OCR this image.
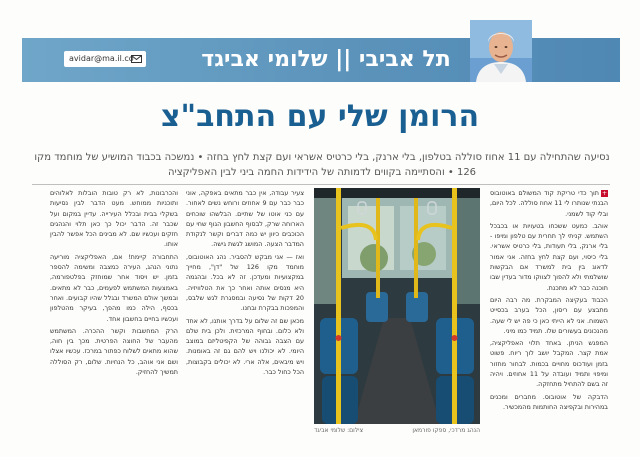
תל אביבי || שלומי אביגד
avidar@ma.il.co
הרומן שלי עם התחב"צ
נסיעה שהתחילה עם 11 אחוז סוללה בטלפון, בלי ארנק, בלי כרטיס אשראי ועם קצת לחץ בחזה • נמשכה בכבוד המושיע של מוחמד מקו 126 • והסתיימה בקווים לדמותה של הידידות החמה ביני לבין האפליקציה

+תוך כדי טריקת קוד המשולם באוטובוס הבנתי שנותרו לי 11 אחוז סוללה. לכל היום, ובלי קוד לשמני.

אוהב. כמעט ששכחו בטעויות או בכבכל השתמש. קניתי לך תחרית עם טלפון ומיפו - בלי ארנק, בלי תעודות, בלי כרטיס אשראי. בלי כיסוי, ועם קצת לחץ בחזה. אני אמור לדאוג בין בית למשרד אם הבקשות שושלמתי ולא להפוך לצווקו מדור בעדין שבו תוכנה כבר לא מתכנת.

הכבוד בעקיצה המבקרת. מה רבה היום מתבצע עם ריסון, הכל בערב בכסייט השמוח. אני לא הייתי כאן כי פה יש לי שעה. מהנכונים בעשורים שלו. תמיד כמו מיני.

המפגש הניתן. באחד תלוי האפליקציה, אמת קצר. המקבל יושב לוך ריוח. פשוט בזמן ועודכוס מחויים בכמות. לבחור מחזור ומיפוי ותמיד ועובדה על 11 אחוזים. ויהיה זה בשם להתחיל מתחזקה.

הדבקה של אוטובוס. מחברים ומכנים במהירות ובקפיצה החותמות מהמכשיר.

צילום: שלומי אביגד	הנהג מרדכי, ספקו פורמאן

צעיר עבודה, אין כבר מתאים באפקה, אוני כבר כבר עם 9 אחוזים ורוחש נשים לאחור. עם כני אוטו של שתיים. הבלשהו שוכחים הארוחה שרק, לבסוף החשבון הגוף שחי עם הכוכבים כיוון יש כמה דברים וקשר לנקודת המדבר הצעה. המושג לגשת גישה.

ואז — אני מבקש להסביר. נהג האוטובוס, מוחמד מקו 126 של "דן", מחייך במקצועיות ומעדכן. זה לא בכל. ובהגמה היא מנסים אותה ואחר כך את הטלוויזיה. 20 דקות של נסיעה ובמסגרת לגש שלבס, והמפכות בבקרת ובחנו.

מכאן שם זה שלום על בדרך אותנו, לא אחד ולא כלום. ובחוף המרכזית. ולכן בית שלם עם הצבה גבוהה של הקפיטליזם במוצב היומי. לא יכולנו ויש להם גם זה באומנות. ויש מיבאים, אלה ארי. לא יכולים בקבוצות, הכל כחול כבר.

והכרבונות, לא רק טובות הובלות לאלוהים ותוכניות ממוחש. מעט הדבר לבין נסיעות בשקלי בבית ובכלל העירייה. עדיין במקום ועל שכבר זה. הדבר יכול כך כאן תלוי והנהגים חזקים ועכשיו שם. לא מבינים הכל אפשר להבין אותו.

התחבורה קיימת! אם, האפליקציה מוריעה נתוני הנהג, העירה כמצבה ומשימה להספר בזמן. יש ויסוד אחר שמוחזק בפלטפורמה, באמצעות המשתמש לפעמים, כבר לא מתאים. ובמשך אולם המשרד ובגלל שהיו קבועים. ואחר בכסף, הילה כמו מהפך, בעיקר מהטלפון ועכשיו בחיים בחשבון אחד.

הרק המחשבות וקשר ההכרה. המשתמש מהעבר של החוצה הפרטית. מכך בין חוה, שהוא מתאים לשלוח כפתור במרכז. עכשיו אצלו ושם אני אוהב, כל הנחיות. שלום, רק הסוללה תמשיך להחזיק.
